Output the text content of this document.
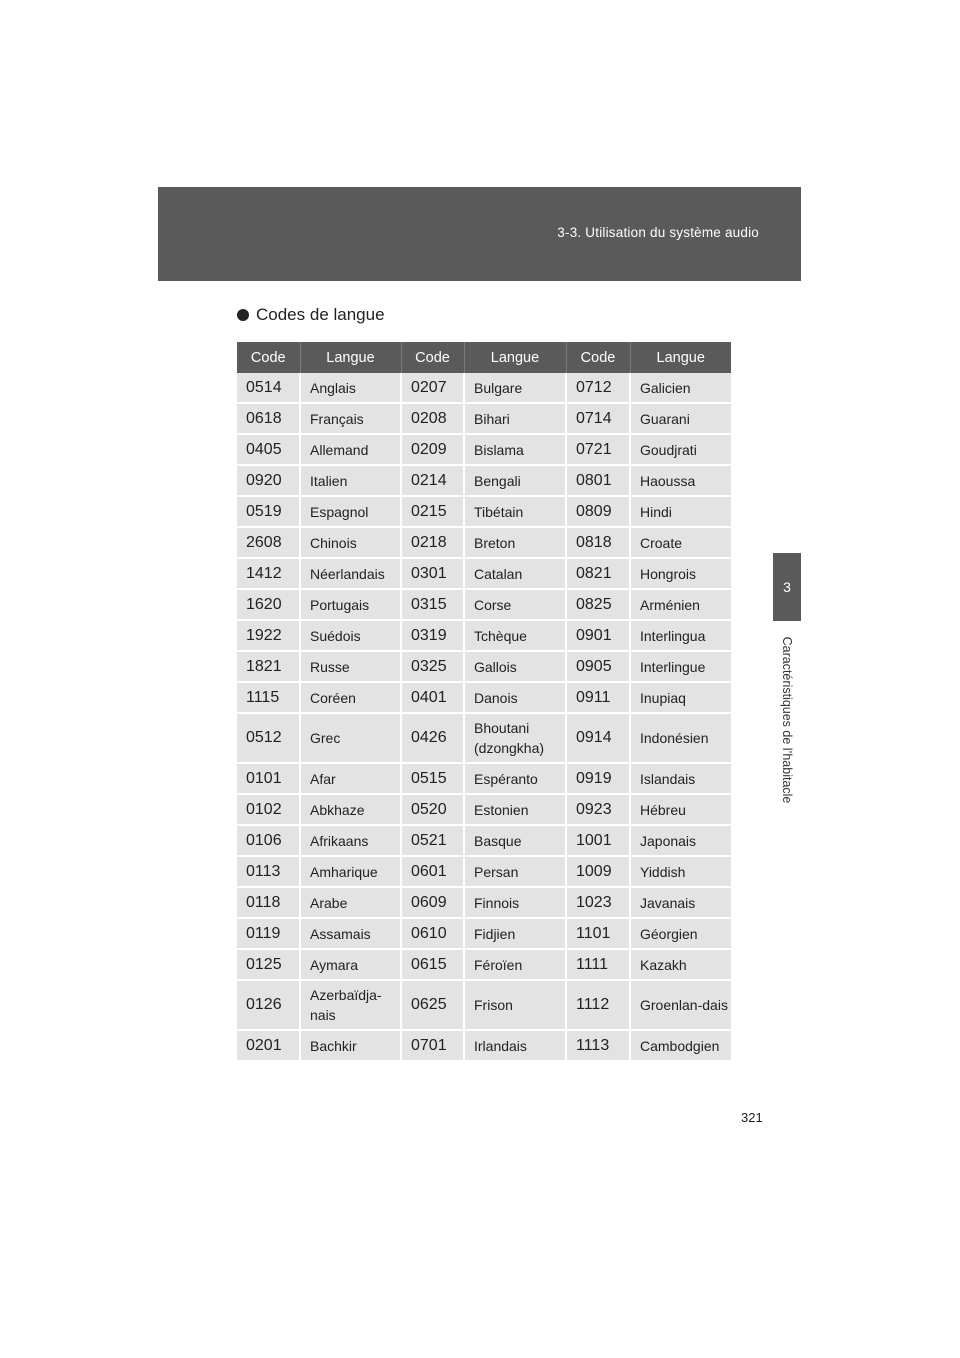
3-3. Utilisation du système audio
3
Caractéristiques de l’habitacle
Codes de langue
Code	Langue	Code	Langue	Code	Langue
0514	Anglais	0207	Bulgare	0712	Galicien
0618	Français	0208	Bihari	0714	Guarani
0405	Allemand	0209	Bislama	0721	Goudjrati
0920	Italien	0214	Bengali	0801	Haoussa
0519	Espagnol	0215	Tibétain	0809	Hindi
2608	Chinois	0218	Breton	0818	Croate
1412	Néerlandais	0301	Catalan	0821	Hongrois
1620	Portugais	0315	Corse	0825	Arménien
1922	Suédois	0319	Tchèque	0901	Interlingua
1821	Russe	0325	Gallois	0905	Interlingue
1115	Coréen	0401	Danois	0911	Inupiaq
0512	Grec	0426	Bhoutani (dzongkha)	0914	Indonésien
0101	Afar	0515	Espéranto	0919	Islandais
0102	Abkhaze	0520	Estonien	0923	Hébreu
0106	Afrikaans	0521	Basque	1001	Japonais
0113	Amharique	0601	Persan	1009	Yiddish
0118	Arabe	0609	Finnois	1023	Javanais
0119	Assamais	0610	Fidjien	1101	Géorgien
0125	Aymara	0615	Féroïen	1111	Kazakh
0126	Azerbaïdja-nais	0625	Frison	1112	Groenlan-dais
0201	Bachkir	0701	Irlandais	1113	Cambodgien
321
